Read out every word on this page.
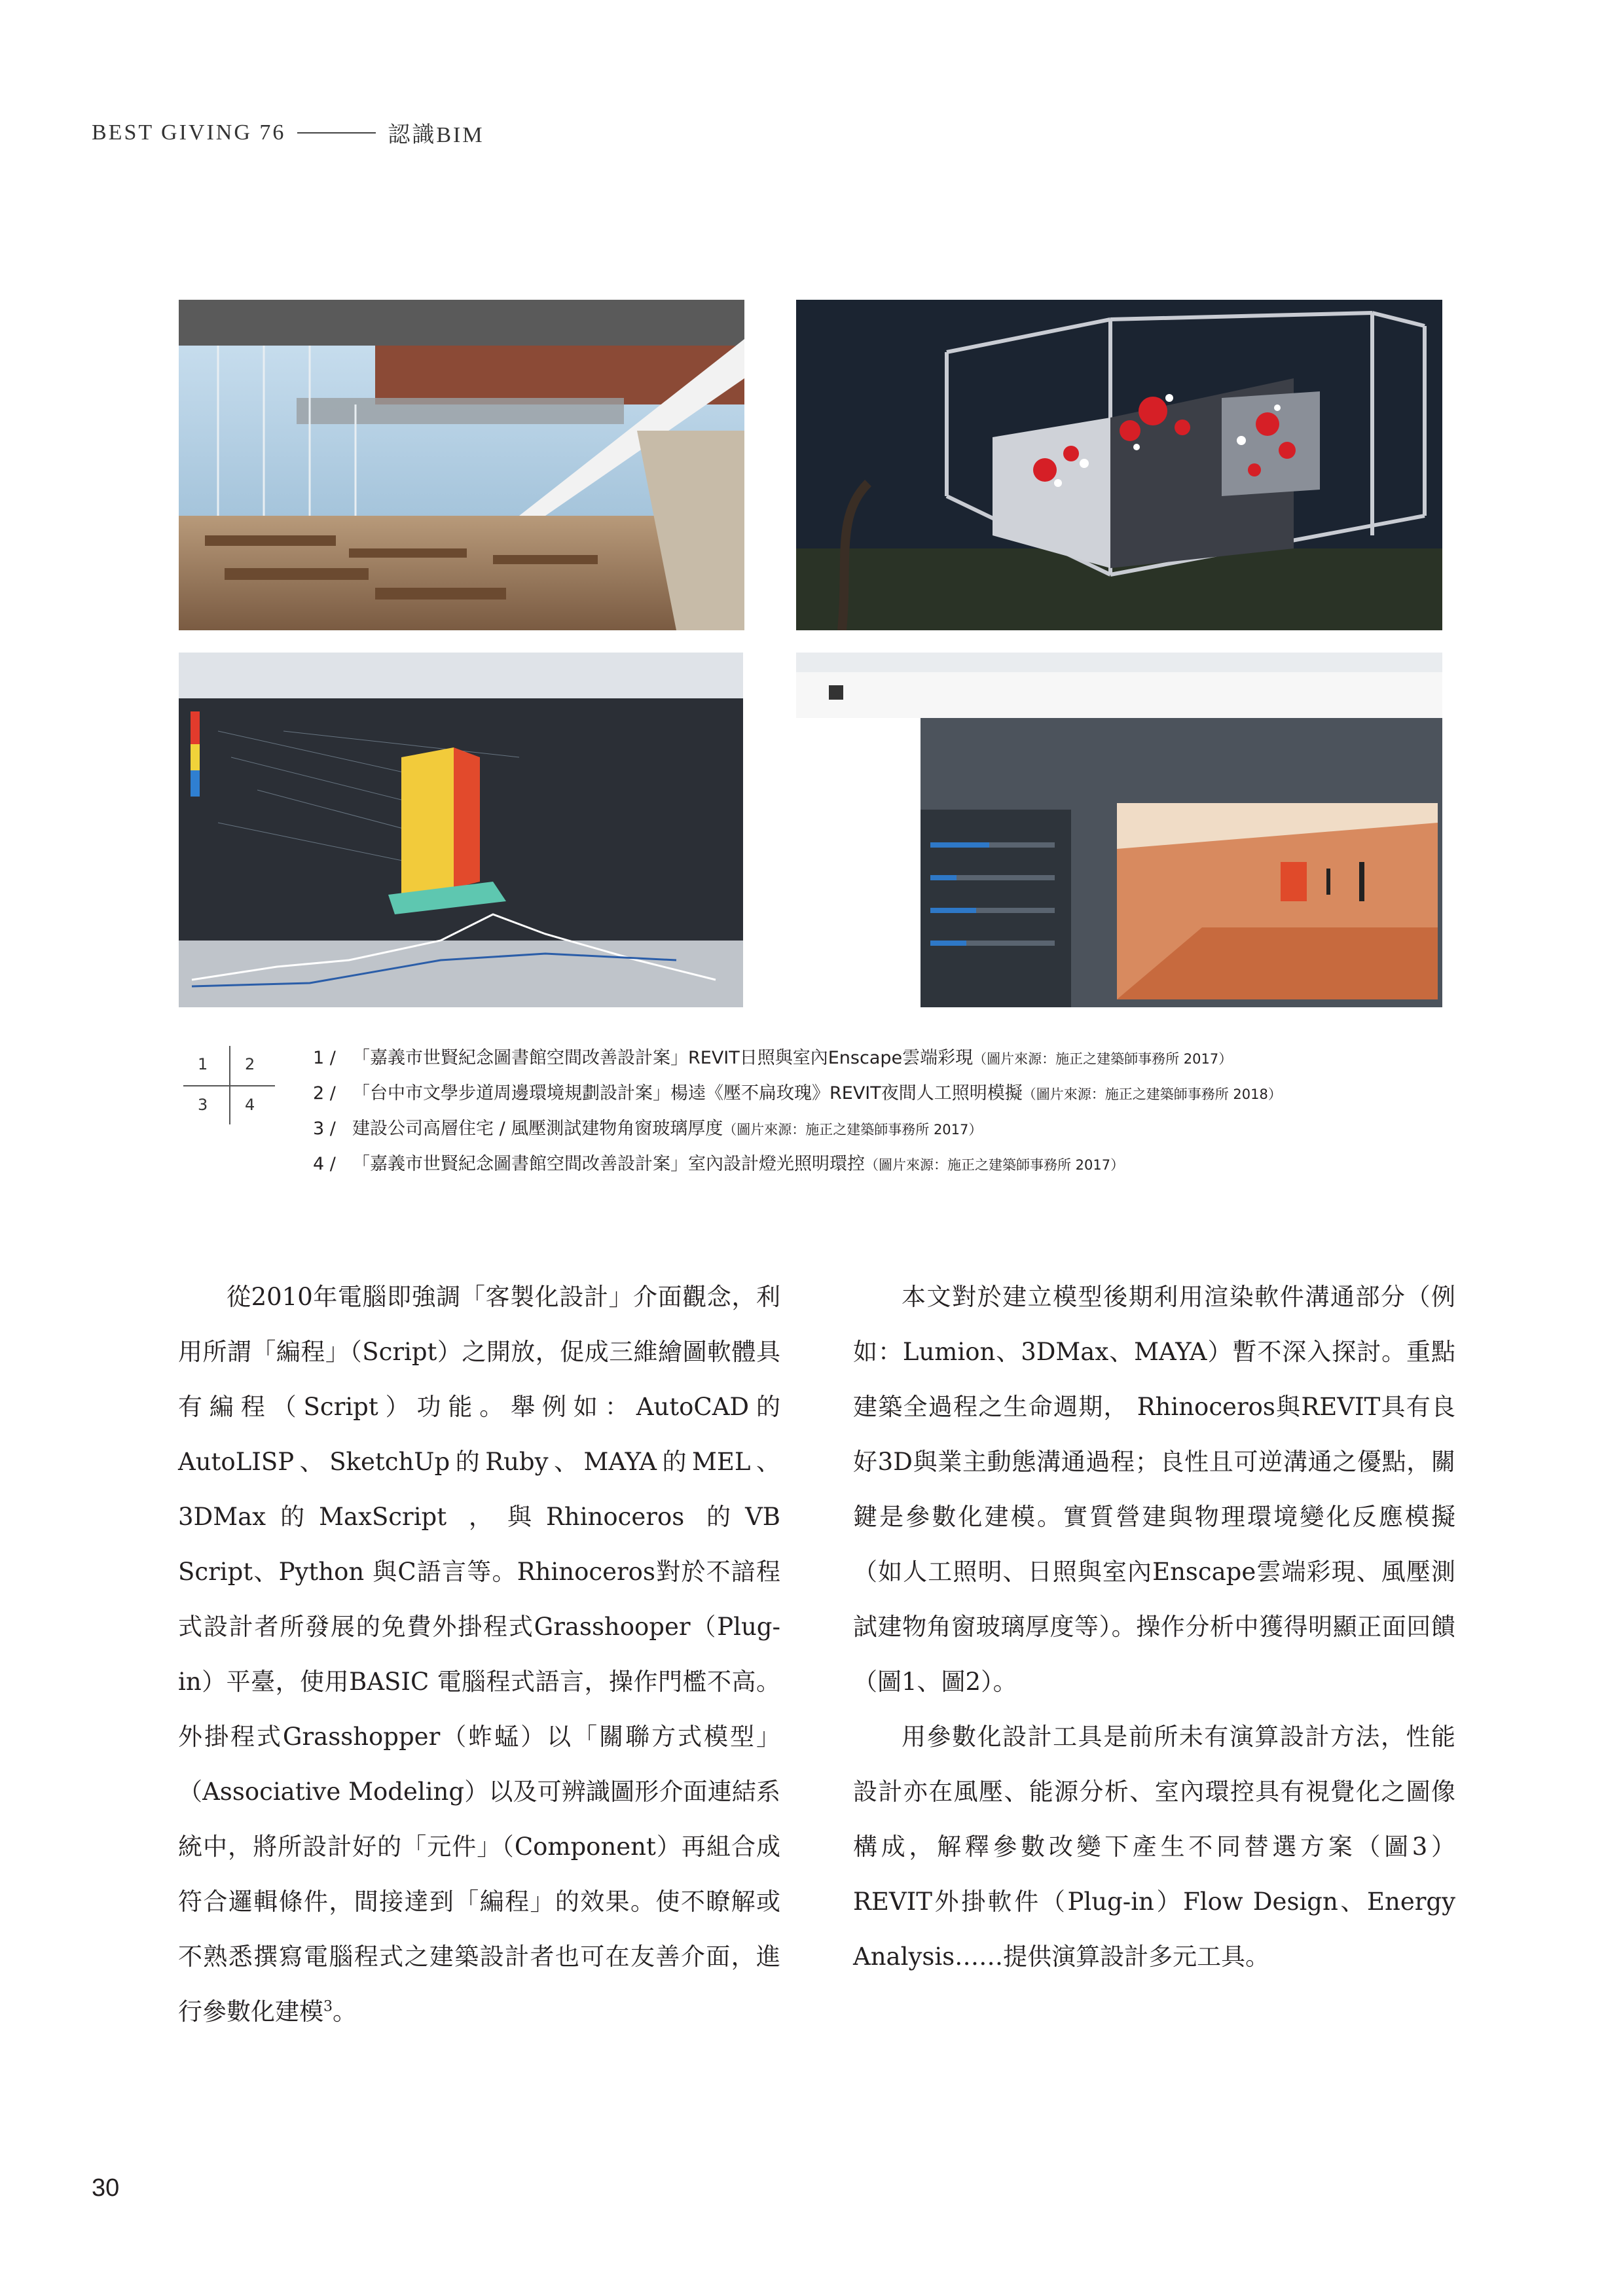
BEST GIVING 76	認識BIM
1 2
3 4
1 / 「嘉義市世賢紀念圖書館空間改善設計案」REVIT日照與室內Enscape雲端彩現（圖片來源：施正之建築師事務所 2017）
2 / 「台中市文學步道周邊環境規劃設計案」楊逵《壓不扁玫瑰》REVIT夜間人工照明模擬（圖片來源：施正之建築師事務所 2018）
3 / 建設公司高層住宅 / 風壓測試建物角窗玻璃厚度（圖片來源：施正之建築師事務所 2017）
4 / 「嘉義市世賢紀念圖書館空間改善設計案」室內設計燈光照明環控（圖片來源：施正之建築師事務所 2017）

從2010年電腦即強調「客製化設計」介面觀念，利用所謂「編程」（Script）之開放，促成三維繪圖軟體具有編程（Script）功能。舉例如：AutoCAD的AutoLISP、SketchUp的Ruby、MAYA的MEL、3DMax的MaxScript ，與Rhinoceros 的VB Script、Python 與C語言等。Rhinoceros對於不諳程式設計者所發展的免費外掛程式Grasshooper（Plug-in）平臺，使用BASIC 電腦程式語言，操作門檻不高。外掛程式Grasshopper（蚱蜢）以「關聯方式模型」（Associative Modeling）以及可辨識圖形介面連結系統中，將所設計好的「元件」（Component）再組合成符合邏輯條件，間接達到「編程」的效果。使不瞭解或不熟悉撰寫電腦程式之建築設計者也可在友善介面，進行參數化建模$^3$。

本文對於建立模型後期利用渲染軟件溝通部分（例如：Lumion、3DMax、MAYA）暫不深入探討。重點建築全過程之生命週期， Rhinoceros與REVIT具有良好3D與業主動態溝通過程；良性且可逆溝通之優點，關鍵是參數化建模。實質營建與物理環境變化反應模擬（如人工照明、日照與室內Enscape雲端彩現、風壓測試建物角窗玻璃厚度等）。操作分析中獲得明顯正面回饋 （圖1、圖2）。

用參數化設計工具是前所未有演算設計方法，性能設計亦在風壓、能源分析、室內環控具有視覺化之圖像構成，解釋參數改變下產生不同替選方案（圖3）REVIT外掛軟件（Plug-in）Flow Design、Energy Analysis……提供演算設計多元工具。

30
